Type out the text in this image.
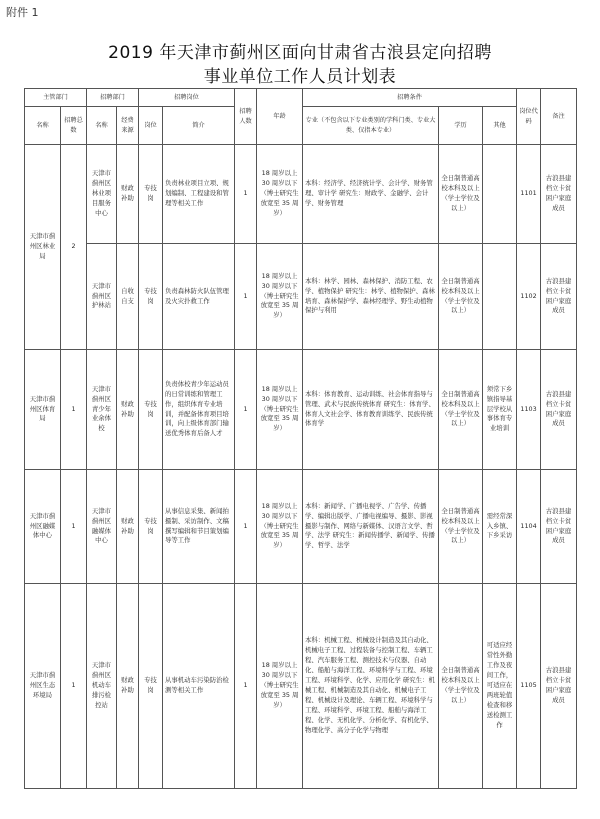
附件 1
2019 年天津市蓟州区面向甘肃省古浪县定向招聘
事业单位工作人员计划表
主管部门		招聘部门		招聘岗位		招聘人数	年龄	招聘条件			岗位代码	备注
名称	招聘总数	名称	经费来源	岗位	简介			专业（不包含以下专业类别的学科门类、专业大类、仅指本专业）	学历	其他		
天津市蓟州区林业局	2	天津市蓟州区林业项目服务中心	财政补助	专技岗	负责林业项目立项、规划编制、工程建设和管理等相关工作	1	18 周岁以上 30 周岁以下（博士研究生放宽至 35 周岁）	本科：经济学、经济统计学、会计学、财务管理、审计学 研究生：财政学、金融学、会计学、财务管理	全日制普通高校本科及以上（学士学位及以上）		1101	古浪县建档立卡贫困户家庭成员
		天津市蓟州区护林站	自收自支	专技岗	负责森林防火队伍管理及火灾扑救工作	1	18 周岁以上 30 周岁以下（博士研究生放宽至 35 周岁）	本科：林学、园林、森林保护、消防工程、农学、植物保护 研究生：林学、植物保护、森林培育、森林保护学、森林经理学、野生动植物保护与利用	全日制普通高校本科及以上（学士学位及以上）		1102	古浪县建档立卡贫困户家庭成员
天津市蓟州区体育局	1	天津市蓟州区青少年业余体校	财政补助	专技岗	负责体校青少年运动员的日常训练和管理工作，组织体育专业培训，并配备体育项目培训，向上级体育部门输送优秀体育后备人才	1	18 周岁以上 30 周岁以下（博士研究生放宽至 35 周岁）	本科：体育教育、运动训练、社会体育指导与管理、武术与民族传统体育 研究生：体育学、体育人文社会学、体育教育训练学、民族传统体育学	全日制普通高校本科及以上（学士学位及以上）	须常下乡镇指导基层学校从事体育专业培训	1103	古浪县建档立卡贫困户家庭成员
天津市蓟州区融媒体中心	1	天津市蓟州区融媒体中心	财政补助	专技岗	从事信息采集、新闻拍摄制、采访制作、文稿撰写编辑和节目策划编导等工作	1	18 周岁以上 30 周岁以下（博士研究生放宽至 35 周岁）	本科：新闻学、广播电视学、广告学、传播学、编辑出版学、广播电视编导、摄影、影视摄影与制作、网络与新媒体、汉语言文学、哲学、法学 研究生：新闻传播学、新闻学、传播学、哲学、法学	全日制普通高校本科及以上（学士学位及以上）	需经常深入乡镇、下乡采访	1104	古浪县建档立卡贫困户家庭成员
天津市蓟州区生态环境局	1	天津市蓟州区机动车排污检控站	财政补助	专技岗	从事机动车污染防治检测等相关工作	1	18 周岁以上 30 周岁以下（博士研究生放宽至 35 周岁）	本科：机械工程、机械设计制造及其自动化、机械电子工程、过程装备与控制工程、车辆工程、汽车服务工程、测控技术与仪器、自动化、船舶与海洋工程、环境科学与工程、环境工程、环境科学、化学、应用化学 研究生：机械工程、机械制造及其自动化、机械电子工程、机械设计及理论、车辆工程、环境科学与工程、环境科学、环境工程、船舶与海洋工程、化学、无机化学、分析化学、有机化学、物理化学、高分子化学与物理	全日制普通高校本科及以上（学士学位及以上）	可适应经常性外勤工作及夜间工作，可适应在两班轮值检查和移送检测工作	1105	古浪县建档立卡贫困户家庭成员
